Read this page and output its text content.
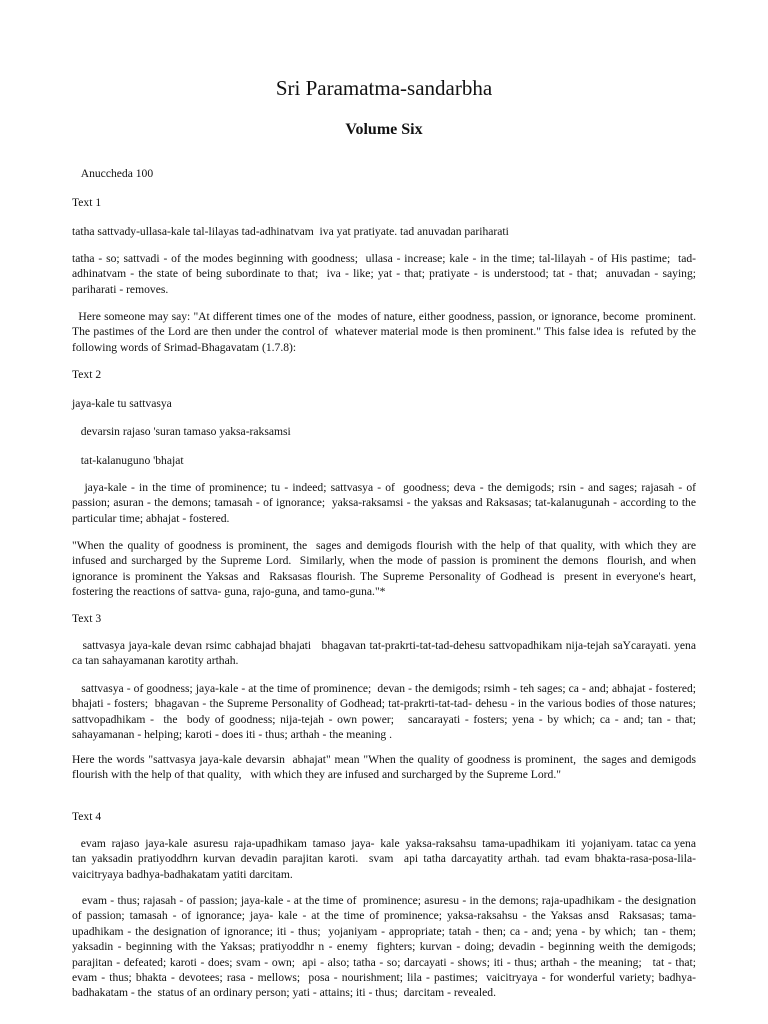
Sri Paramatma-sandarbha
Volume Six

Anuccheda 100

Text 1

tatha sattvady-ullasa-kale tal-lilayas tad-adhinatvam  iva yat pratiyate. tad anuvadan pariharati

tatha - so; sattvadi - of the modes beginning with goodness;  ullasa - increase; kale - in the time; tal-lilayah - of His pastime;  tad-adhinatvam - the state of being subordinate to that;  iva - like; yat - that; pratiyate - is understood; tat - that;  anuvadan - saying; pariharati - removes.

Here someone may say: "At different times one of the  modes of nature, either goodness, passion, or ignorance, become  prominent. The pastimes of the Lord are then under the control of  whatever material mode is then prominent." This false idea is  refuted by the following words of Srimad-Bhagavatam (1.7.8):

Text 2

jaya-kale tu sattvasya

devarsin rajaso 'suran tamaso yaksa-raksamsi

tat-kalanuguno 'bhajat

jaya-kale - in the time of prominence; tu - indeed; sattvasya - of  goodness; deva - the demigods; rsin - and sages; rajasah - of passion; asuran - the demons; tamasah - of ignorance;  yaksa-raksamsi - the yaksas and Raksasas; tat-kalanugunah - according to the particular time; abhajat - fostered.

"When the quality of goodness is prominent, the  sages and demigods flourish with the help of that quality, with which they are infused and surcharged by the Supreme Lord.  Similarly, when the mode of passion is prominent the demons  flourish, and when ignorance is prominent the Yaksas and  Raksasas flourish. The Supreme Personality of Godhead is  present in everyone's heart, fostering the reactions of sattva- guna, rajo-guna, and tamo-guna."*

Text 3

sattvasya jaya-kale devan rsimc cabhajad bhajati   bhagavan tat-prakrti-tat-tad-dehesu sattvopadhikam nija-tejah saYcarayati. yena ca tan sahayamanan karotity arthah.

sattvasya - of goodness; jaya-kale - at the time of prominence;  devan - the demigods; rsimh - teh sages; ca - and; abhajat - fostered;  bhajati - fosters;  bhagavan - the Supreme Personality of Godhead; tat-prakrti-tat-tad- dehesu - in the various bodies of those natures; sattvopadhikam -  the  body of goodness; nija-tejah - own power;   sancarayati - fosters; yena - by which; ca - and; tan - that;  sahayamanan - helping; karoti - does iti - thus; arthah - the meaning .

Here the words "sattvasya jaya-kale devarsin  abhajat" mean "When the quality of goodness is prominent,  the sages and demigods flourish with the help of that quality,   with which they are infused and surcharged by the Supreme Lord."

Text 4

evam  rajaso  jaya-kale  asuresu  raja-upadhikam  tamaso  jaya-  kale  yaksa-raksahsu  tama-upadhikam  iti  yojaniyam. tatac ca yena  tan yaksadin pratiyoddhrn kurvan devadin parajitan karoti.  svam  api tatha darcayatity arthah. tad evam bhakta-rasa-posa-lila- vaicitryaya badhya-badhakatam yatiti darcitam.

evam - thus; rajasah - of passion; jaya-kale - at the time of  prominence; asuresu - in the demons; raja-upadhikam - the designation  of passion; tamasah - of ignorance; jaya- kale - at the time of prominence; yaksa-raksahsu - the Yaksas ansd  Raksasas; tama-upadhikam - the designation of ignorance; iti - thus;  yojaniyam - appropriate; tatah - then; ca - and; yena - by which;  tan - them; yaksadin - beginning with the Yaksas; pratiyoddhr n - enemy  fighters; kurvan - doing; devadin - beginning weith the demigods;  parajitan - defeated; karoti - does; svam - own;  api - also; tatha - so; darcayati - shows; iti - thus; arthah - the meaning;   tat - that; evam - thus; bhakta - devotees; rasa - mellows;  posa - nourishment; lila - pastimes;  vaicitryaya - for wonderful variety; badhya-badhakatam - the  status of an ordinary person; yati - attains; iti - thus;  darcitam - revealed.
